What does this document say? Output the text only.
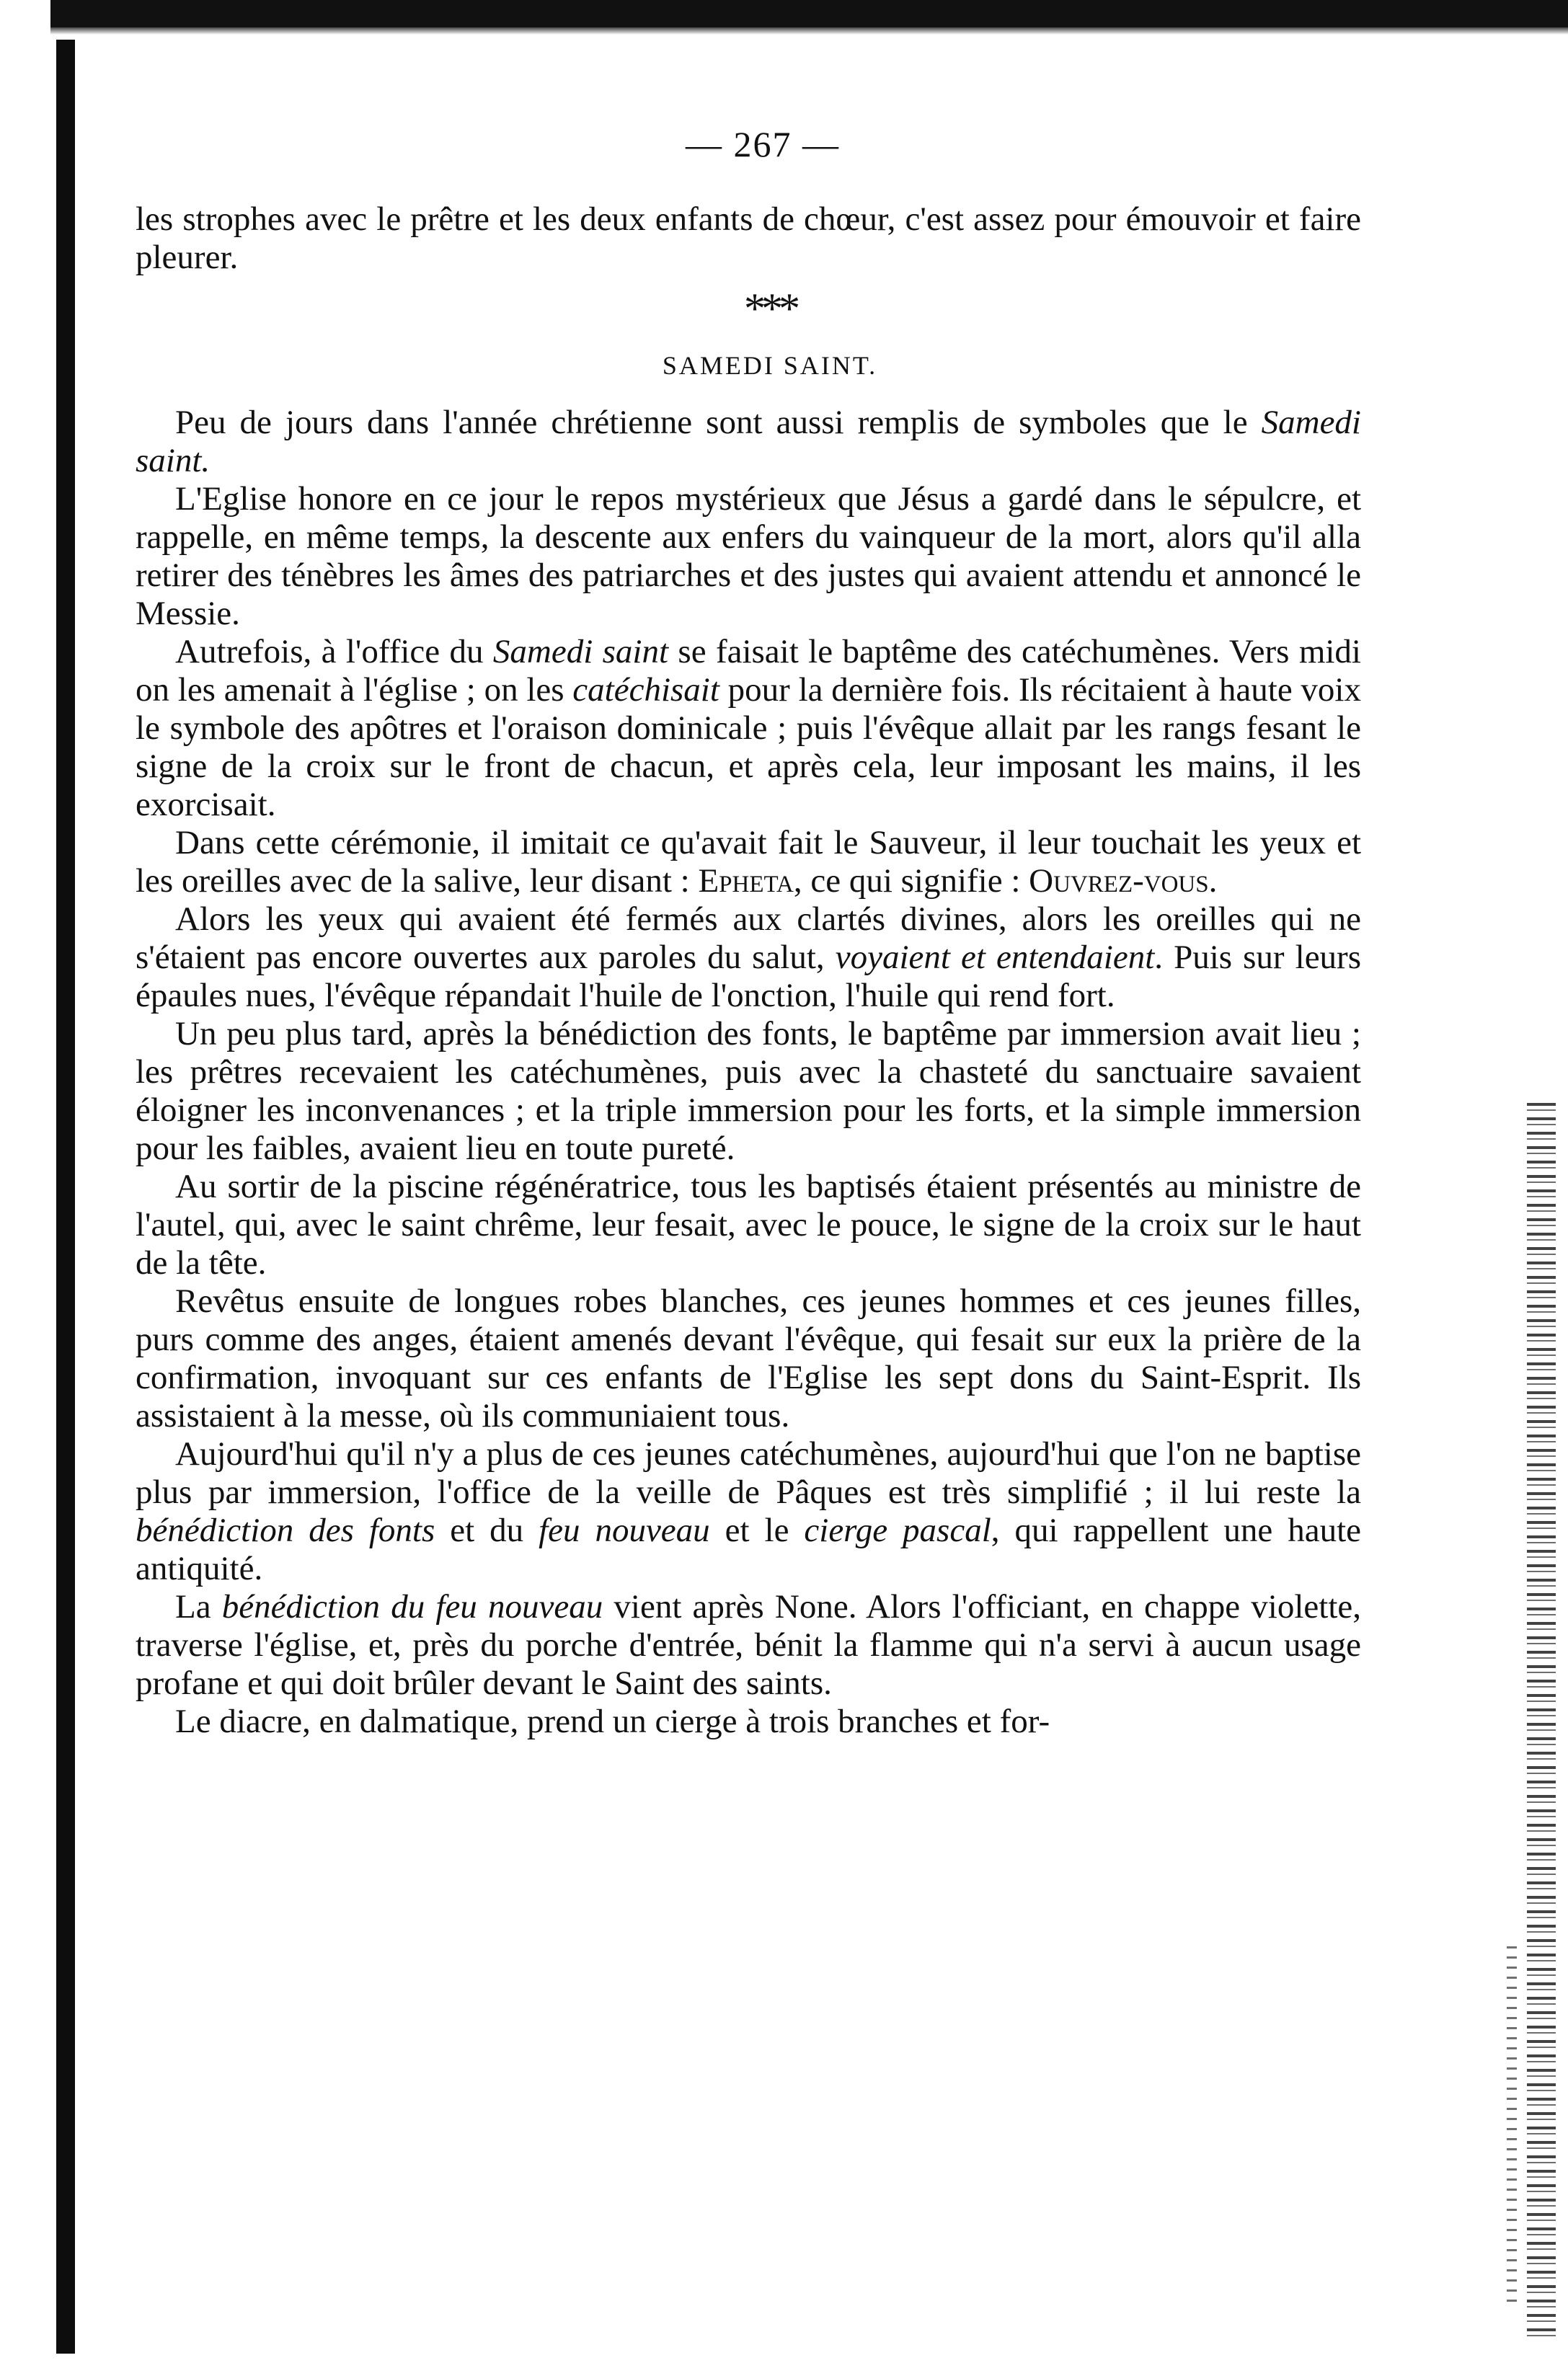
— 267 —

les strophes avec le prêtre et les deux enfants de chœur, c'est assez pour émouvoir et faire pleurer.

***
SAMEDI SAINT.

Peu de jours dans l'année chrétienne sont aussi remplis de symboles que le Samedi saint.

L'Eglise honore en ce jour le repos mystérieux que Jésus a gardé dans le sépulcre, et rappelle, en même temps, la descente aux enfers du vainqueur de la mort, alors qu'il alla retirer des ténèbres les âmes des patriarches et des justes qui avaient attendu et annoncé le Messie.

Autrefois, à l'office du Samedi saint se faisait le baptême des catéchumènes. Vers midi on les amenait à l'église ; on les catéchisait pour la dernière fois. Ils récitaient à haute voix le symbole des apôtres et l'oraison dominicale ; puis l'évêque allait par les rangs fesant le signe de la croix sur le front de chacun, et après cela, leur imposant les mains, il les exorcisait.

Dans cette cérémonie, il imitait ce qu'avait fait le Sauveur, il leur touchait les yeux et les oreilles avec de la salive, leur disant : Epheta, ce qui signifie : Ouvrez-vous.

Alors les yeux qui avaient été fermés aux clartés divines, alors les oreilles qui ne s'étaient pas encore ouvertes aux paroles du salut, voyaient et entendaient. Puis sur leurs épaules nues, l'évêque répandait l'huile de l'onction, l'huile qui rend fort.

Un peu plus tard, après la bénédiction des fonts, le baptême par immersion avait lieu ; les prêtres recevaient les catéchumènes, puis avec la chasteté du sanctuaire savaient éloigner les inconvenances ; et la triple immersion pour les forts, et la simple immersion pour les faibles, avaient lieu en toute pureté.

Au sortir de la piscine régénératrice, tous les baptisés étaient présentés au ministre de l'autel, qui, avec le saint chrême, leur fesait, avec le pouce, le signe de la croix sur le haut de la tête.

Revêtus ensuite de longues robes blanches, ces jeunes hommes et ces jeunes filles, purs comme des anges, étaient amenés devant l'évêque, qui fesait sur eux la prière de la confirmation, invoquant sur ces enfants de l'Eglise les sept dons du Saint-Esprit. Ils assistaient à la messe, où ils communiaient tous.

Aujourd'hui qu'il n'y a plus de ces jeunes catéchumènes, aujourd'hui que l'on ne baptise plus par immersion, l'office de la veille de Pâques est très simplifié ; il lui reste la bénédiction des fonts et du feu nouveau et le cierge pascal, qui rappellent une haute antiquité.

La bénédiction du feu nouveau vient après None. Alors l'officiant, en chappe violette, traverse l'église, et, près du porche d'entrée, bénit la flamme qui n'a servi à aucun usage profane et qui doit brûler devant le Saint des saints.

Le diacre, en dalmatique, prend un cierge à trois branches et for-
